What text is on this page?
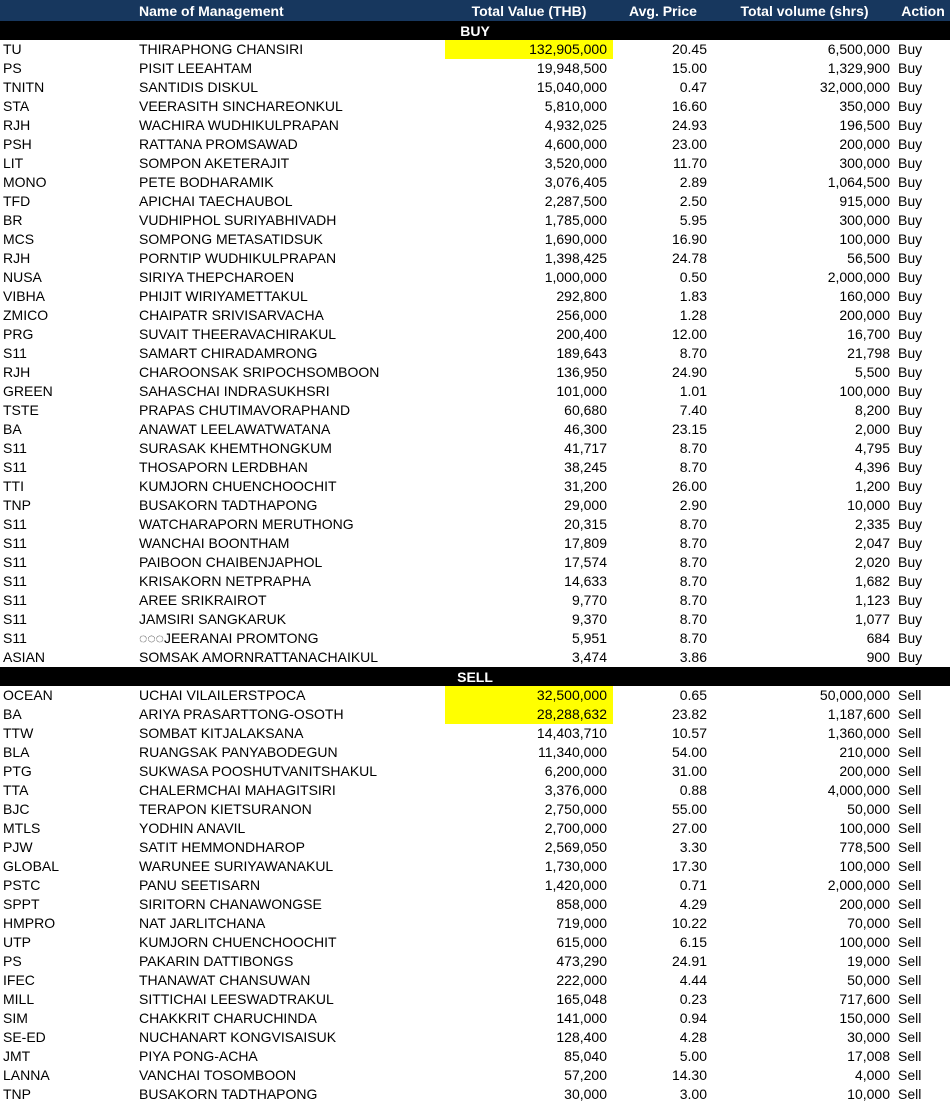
	Name of Management	Total Value (THB)	Avg. Price	Total volume (shrs)	Action
BUY					
TU	THIRAPHONG CHANSIRI	132,905,000	20.45	6,500,000	Buy
PS	PISIT LEEAHTAM	19,948,500	15.00	1,329,900	Buy
TNITN	SANTIDIS DISKUL	15,040,000	0.47	32,000,000	Buy
STA	VEERASITH SINCHAREONKUL	5,810,000	16.60	350,000	Buy
RJH	WACHIRA WUDHIKULPRAPAN	4,932,025	24.93	196,500	Buy
PSH	RATTANA PROMSAWAD	4,600,000	23.00	200,000	Buy
LIT	SOMPON AKETERAJIT	3,520,000	11.70	300,000	Buy
MONO	PETE BODHARAMIK	3,076,405	2.89	1,064,500	Buy
TFD	APICHAI TAECHAUBOL	2,287,500	2.50	915,000	Buy
BR	VUDHIPHOL SURIYABHIVADH	1,785,000	5.95	300,000	Buy
MCS	SOMPONG METASATIDSUK	1,690,000	16.90	100,000	Buy
RJH	PORNTIP WUDHIKULPRAPAN	1,398,425	24.78	56,500	Buy
NUSA	SIRIYA THEPCHAROEN	1,000,000	0.50	2,000,000	Buy
VIBHA	PHIJIT WIRIYAMETTAKUL	292,800	1.83	160,000	Buy
ZMICO	CHAIPATR SRIVISARVACHA	256,000	1.28	200,000	Buy
PRG	SUVAIT THEERAVACHIRAKUL	200,400	12.00	16,700	Buy
S11	SAMART CHIRADAMRONG	189,643	8.70	21,798	Buy
RJH	CHAROONSAK SRIPOCHSOMBOON	136,950	24.90	5,500	Buy
GREEN	SAHASCHAI INDRASUKHSRI	101,000	1.01	100,000	Buy
TSTE	PRAPAS CHUTIMAVORAPHAND	60,680	7.40	8,200	Buy
BA	ANAWAT LEELAWATWATANA	46,300	23.15	2,000	Buy
S11	SURASAK KHEMTHONGKUM	41,717	8.70	4,795	Buy
S11	THOSAPORN LERDBHAN	38,245	8.70	4,396	Buy
TTI	KUMJORN CHUENCHOOCHIT	31,200	26.00	1,200	Buy
TNP	BUSAKORN TADTHAPONG	29,000	2.90	10,000	Buy
S11	WATCHARAPORN MERUTHONG	20,315	8.70	2,335	Buy
S11	WANCHAI BOONTHAM	17,809	8.70	2,047	Buy
S11	PAIBOON CHAIBENJAPHOL	17,574	8.70	2,020	Buy
S11	KRISAKORN NETPRAPHA	14,633	8.70	1,682	Buy
S11	AREE SRIKRAIROT	9,770	8.70	1,123	Buy
S11	JAMSIRI SANGKARUK	9,370	8.70	1,077	Buy
S11	◌◌◌JEERANAI PROMTONG	5,951	8.70	684	Buy
ASIAN	SOMSAK AMORNRATTANACHAIKUL	3,474	3.86	900	Buy
SELL					
OCEAN	UCHAI VILAILERSTPOCA	32,500,000	0.65	50,000,000	Sell
BA	ARIYA PRASARTTONG-OSOTH	28,288,632	23.82	1,187,600	Sell
TTW	SOMBAT KITJALAKSANA	14,403,710	10.57	1,360,000	Sell
BLA	RUANGSAK PANYABODEGUN	11,340,000	54.00	210,000	Sell
PTG	SUKWASA POOSHUTVANITSHAKUL	6,200,000	31.00	200,000	Sell
TTA	CHALERMCHAI MAHAGITSIRI	3,376,000	0.88	4,000,000	Sell
BJC	TERAPON KIETSURANON	2,750,000	55.00	50,000	Sell
MTLS	YODHIN ANAVIL	2,700,000	27.00	100,000	Sell
PJW	SATIT HEMMONDHAROP	2,569,050	3.30	778,500	Sell
GLOBAL	WARUNEE SURIYAWANAKUL	1,730,000	17.30	100,000	Sell
PSTC	PANU SEETISARN	1,420,000	0.71	2,000,000	Sell
SPPT	SIRITORN CHANAWONGSE	858,000	4.29	200,000	Sell
HMPRO	NAT JARLITCHANA	719,000	10.22	70,000	Sell
UTP	KUMJORN CHUENCHOOCHIT	615,000	6.15	100,000	Sell
PS	PAKARIN DATTIBONGS	473,290	24.91	19,000	Sell
IFEC	THANAWAT CHANSUWAN	222,000	4.44	50,000	Sell
MILL	SITTICHAI LEESWADTRAKUL	165,048	0.23	717,600	Sell
SIM	CHAKKRIT CHARUCHINDA	141,000	0.94	150,000	Sell
SE-ED	NUCHANART KONGVISAISUK	128,400	4.28	30,000	Sell
JMT	PIYA PONG-ACHA	85,040	5.00	17,008	Sell
LANNA	VANCHAI TOSOMBOON	57,200	14.30	4,000	Sell
TNP	BUSAKORN TADTHAPONG	30,000	3.00	10,000	Sell
